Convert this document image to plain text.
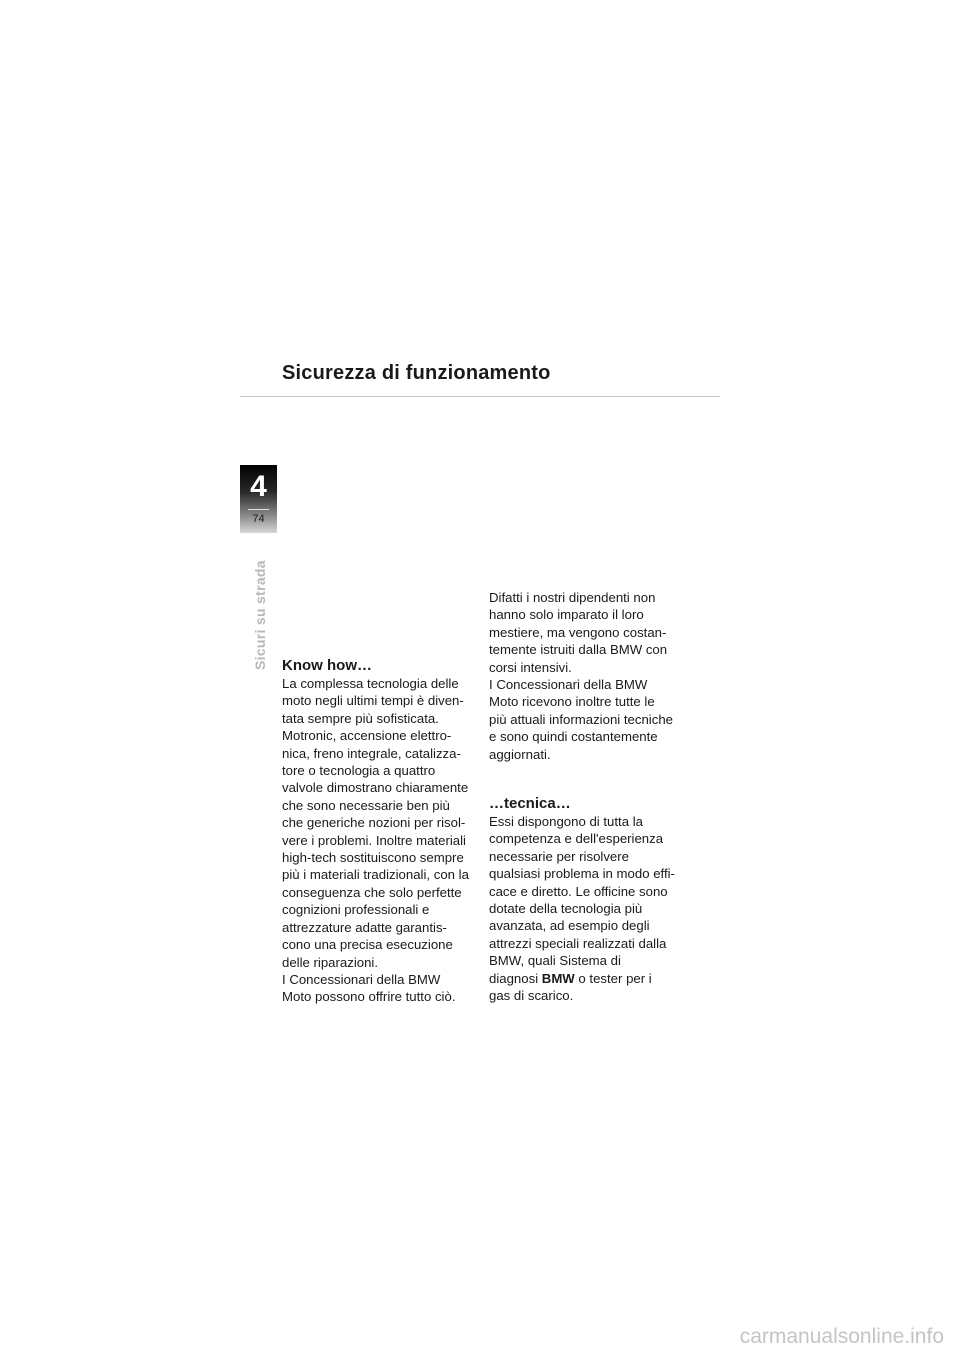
Sicurezza di funzionamento
4
74
Sicuri su strada Know how…
La complessa tecnologia delle
moto negli ultimi tempi è diven-
tata sempre più sofisticata.
Motronic, accensione elettro-
nica, freno integrale, catalizza-
tore o tecnologia a quattro
valvole dimostrano chiaramente
che sono necessarie ben più
che generiche nozioni per risol-
vere i problemi. Inoltre materiali
high-tech sostituiscono sempre
più i materiali tradizionali, con la
conseguenza che solo perfette
cognizioni professionali e
attrezzature adatte garantis-
cono una precisa esecuzione
delle riparazioni.
I Concessionari della BMW
Moto possono offrire tutto ciò.
Difatti i nostri dipendenti non
hanno solo imparato il loro
mestiere, ma vengono costan-
temente istruiti dalla BMW con
corsi intensivi.
I Concessionari della BMW
Moto ricevono inoltre tutte le
più attuali informazioni tecniche
e sono quindi costantemente
aggiornati.
…tecnica…
Essi dispongono di tutta la
competenza e dell'esperienza
necessarie per risolvere
qualsiasi problema in modo effi-
cace e diretto. Le officine sono
dotate della tecnologia più
avanzata, ad esempio degli
attrezzi speciali realizzati dalla
BMW, quali Sistema di
diagnosi BMW o tester per i
gas di scarico.
carmanualsonline.info
